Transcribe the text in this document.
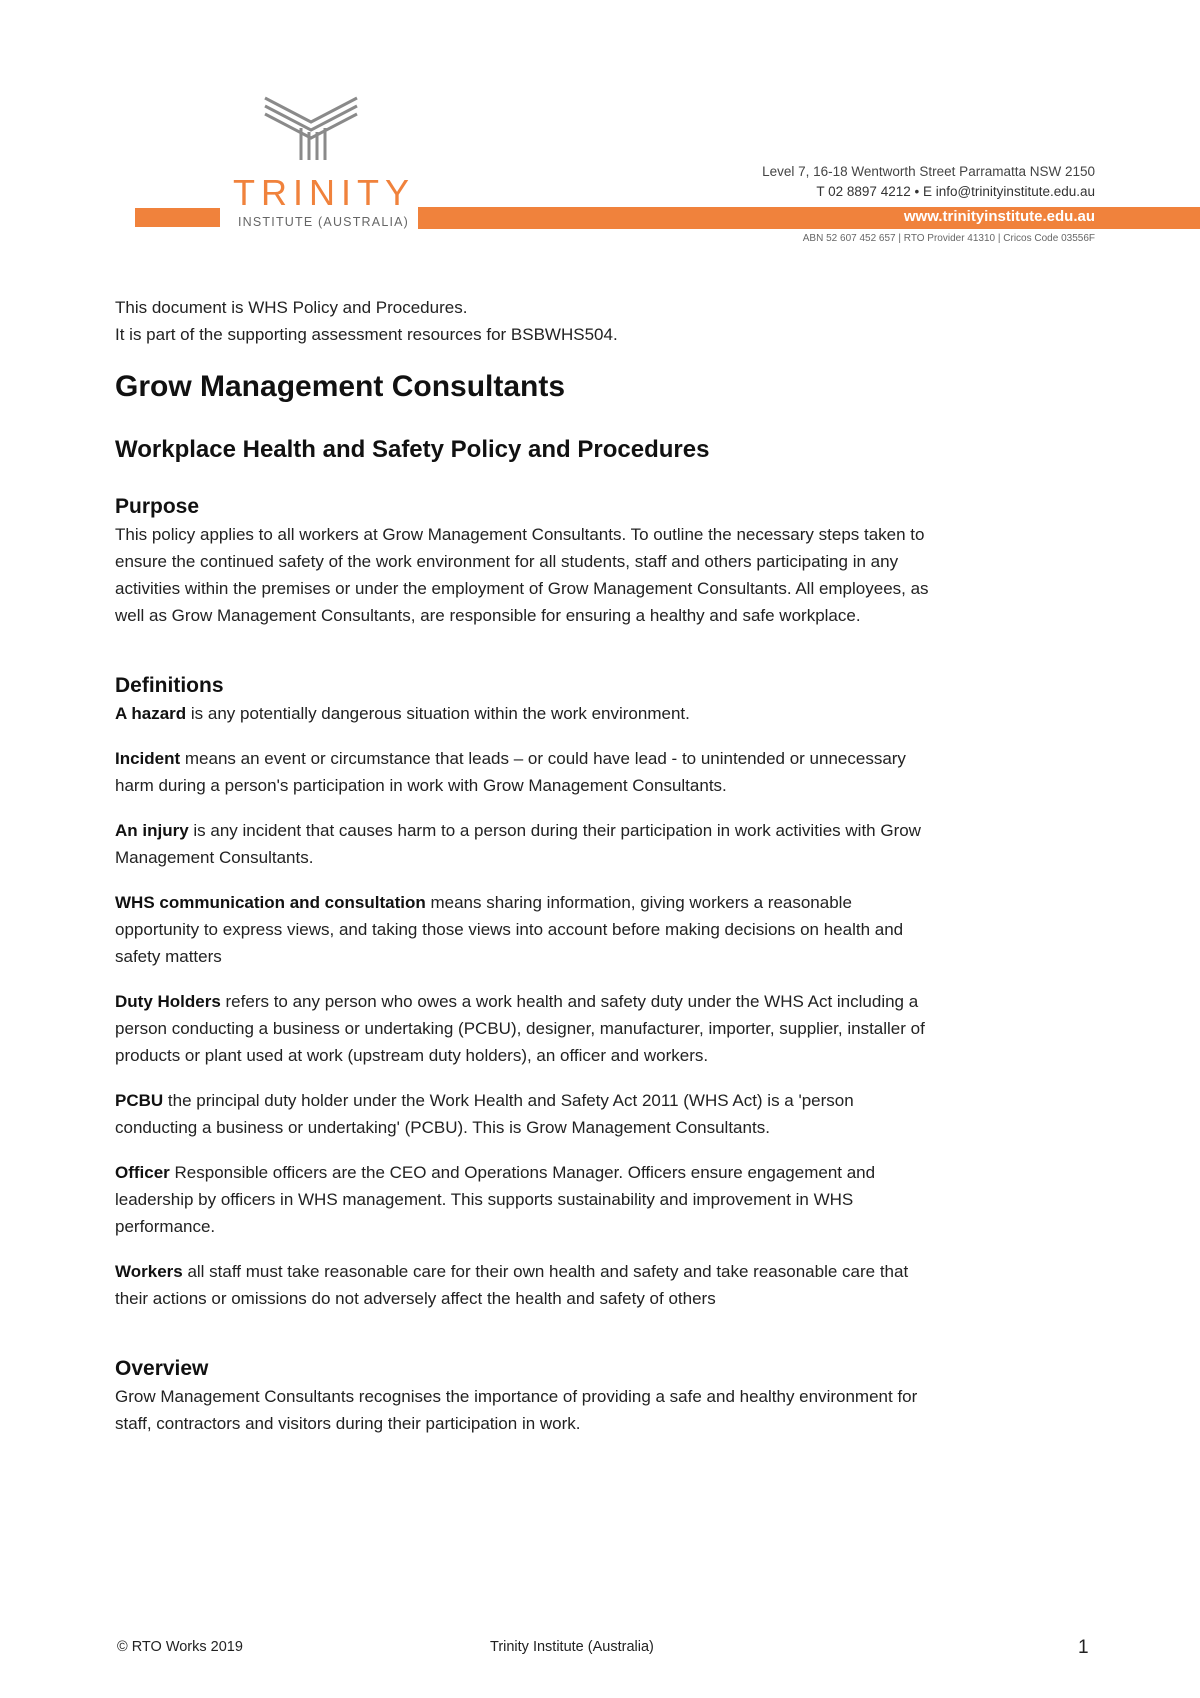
TRINITY
INSTITUTE (AUSTRALIA)
Level 7, 16-18 Wentworth Street Parramatta NSW 2150
T 02 8897 4212 • E info@trinityinstitute.edu.au
www.trinityinstitute.edu.au
ABN 52 607 452 657 | RTO Provider 41310 | Cricos Code 03556F

This document is WHS Policy and Procedures.

It is part of the supporting assessment resources for BSBWHS504.

Grow Management Consultants
Workplace Health and Safety Policy and Procedures
Purpose

This policy applies to all workers at Grow Management Consultants. To outline the necessary steps taken to

ensure the continued safety of the work environment for all students, staff and others participating in any

activities within the premises or under the employment of Grow Management Consultants. All employees, as

well as Grow Management Consultants, are responsible for ensuring a healthy and safe workplace.

Definitions

A hazard is any potentially dangerous situation within the work environment.

Incident means an event or circumstance that leads – or could have lead - to unintended or unnecessary

harm during a person's participation in work with Grow Management Consultants.

An injury is any incident that causes harm to a person during their participation in work activities with Grow

Management Consultants.

WHS communication and consultation means sharing information, giving workers a reasonable

opportunity to express views, and taking those views into account before making decisions on health and

safety matters

Duty Holders refers to any person who owes a work health and safety duty under the WHS Act including a

person conducting a business or undertaking (PCBU), designer, manufacturer, importer, supplier, installer of

products or plant used at work (upstream duty holders), an officer and workers.

PCBU the principal duty holder under the Work Health and Safety Act 2011 (WHS Act) is a 'person

conducting a business or undertaking' (PCBU). This is Grow Management Consultants.

Officer Responsible officers are the CEO and Operations Manager. Officers ensure engagement and

leadership by officers in WHS management. This supports sustainability and improvement in WHS

performance.

Workers all staff must take reasonable care for their own health and safety and take reasonable care that

their actions or omissions do not adversely affect the health and safety of others

Overview

Grow Management Consultants recognises the importance of providing a safe and healthy environment for

staff, contractors and visitors during their participation in work.

© RTO Works 2019	Trinity Institute (Australia)	1
